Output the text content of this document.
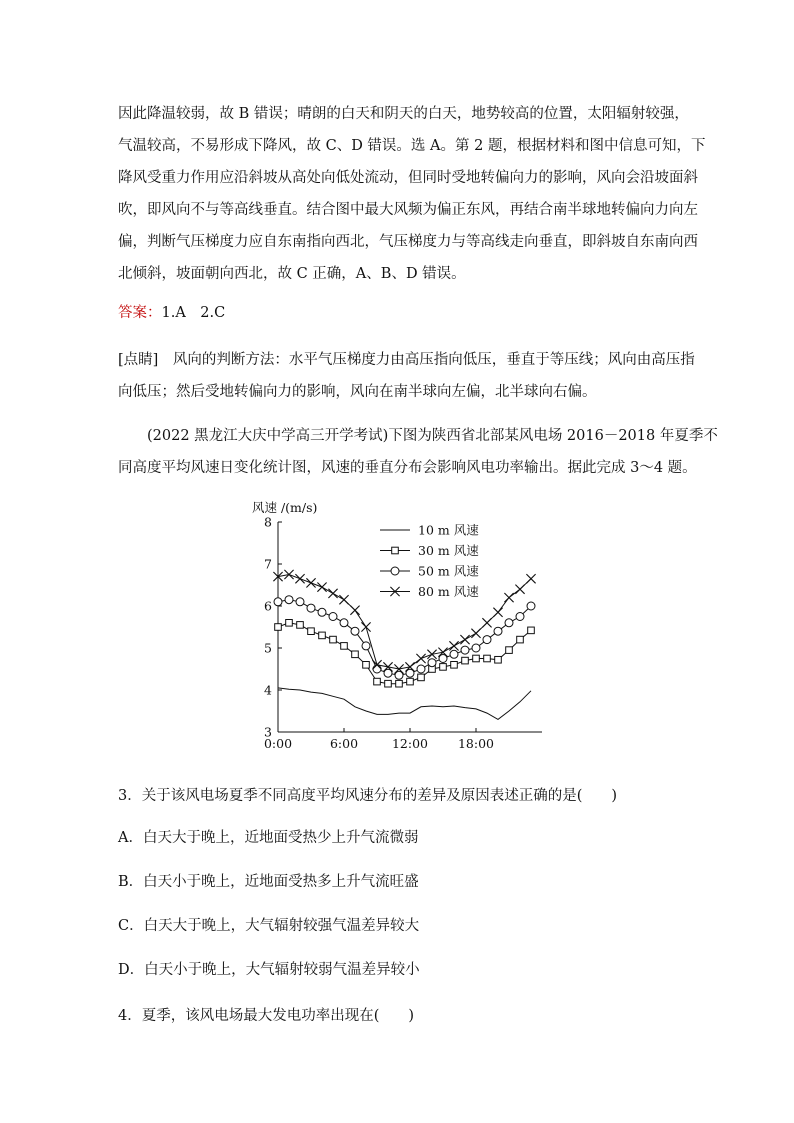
因此降温较弱，故 B 错误；晴朗的白天和阴天的白天，地势较高的位置，太阳辐射较强，
气温较高，不易形成下降风，故 C、D 错误。选 A。第 2 题，根据材料和图中信息可知，下
降风受重力作用应沿斜坡从高处向低处流动，但同时受地转偏向力的影响，风向会沿坡面斜
吹，即风向不与等高线垂直。结合图中最大风频为偏正东风，再结合南半球地转偏向力向左
偏，判断气压梯度力应自东南指向西北，气压梯度力与等高线走向垂直，即斜坡自东南向西
北倾斜，坡面朝向西北，故 C 正确，A、B、D 错误。
答案：1.A　2.C
[点睛]　风向的判断方法：水平气压梯度力由高压指向低压，垂直于等压线；风向由高压指
向低压；然后受地转偏向力的影响，风向在南半球向左偏，北半球向右偏。
　　(2022 黑龙江大庆中学高三开学考试)下图为陕西省北部某风电场 2016－2018 年夏季不
同高度平均风速日变化统计图，风速的垂直分布会影响风电功率输出。据此完成 3～4 题。
风速 /(m/s)
3
4
5
6
7
8
0:00	6:00	12:00 18:00
10 m 风速
30 m 风速
50 m 风速
80 m 风速

3．关于该风电场夏季不同高度平均风速分布的差异及原因表述正确的是(　　)

A．白天大于晚上，近地面受热少上升气流微弱

B．白天小于晚上，近地面受热多上升气流旺盛

C．白天大于晚上，大气辐射较强气温差异较大

D．白天小于晚上，大气辐射较弱气温差异较小

4．夏季，该风电场最大发电功率出现在(　　)
